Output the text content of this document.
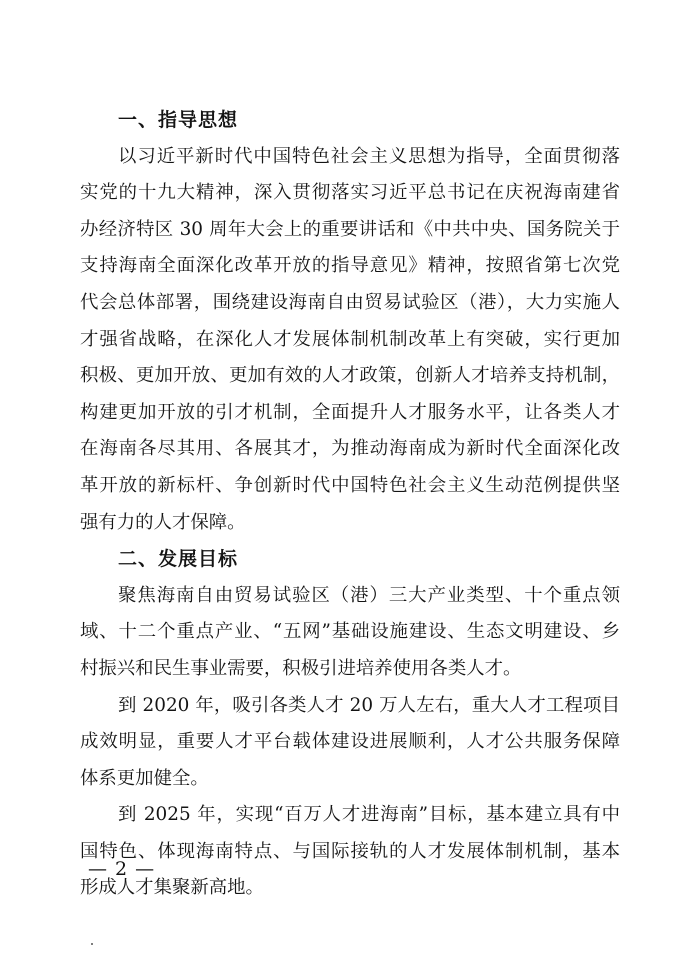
一、指导思想
以习近平新时代中国特色社会主义思想为指导，全面贯彻落
实党的十九大精神，深入贯彻落实习近平总书记在庆祝海南建省
办经济特区 30 周年大会上的重要讲话和《中共中央、国务院关于
支持海南全面深化改革开放的指导意见》精神，按照省第七次党
代会总体部署，围绕建设海南自由贸易试验区（港），大力实施人
才强省战略，在深化人才发展体制机制改革上有突破，实行更加
积极、更加开放、更加有效的人才政策，创新人才培养支持机制，
构建更加开放的引才机制，全面提升人才服务水平，让各类人才
在海南各尽其用、各展其才，为推动海南成为新时代全面深化改
革开放的新标杆、争创新时代中国特色社会主义生动范例提供坚
强有力的人才保障。
二、发展目标
聚焦海南自由贸易试验区（港）三大产业类型、十个重点领
域、十二个重点产业、“五网”基础设施建设、生态文明建设、乡
村振兴和民生事业需要，积极引进培养使用各类人才。
到 2020 年，吸引各类人才 20 万人左右，重大人才工程项目
成效明显，重要人才平台载体建设进展顺利，人才公共服务保障
体系更加健全。
到 2025 年，实现“百万人才进海南”目标，基本建立具有中
国特色、体现海南特点、与国际接轨的人才发展体制机制，基本
形成人才集聚新高地。
— 2 —
